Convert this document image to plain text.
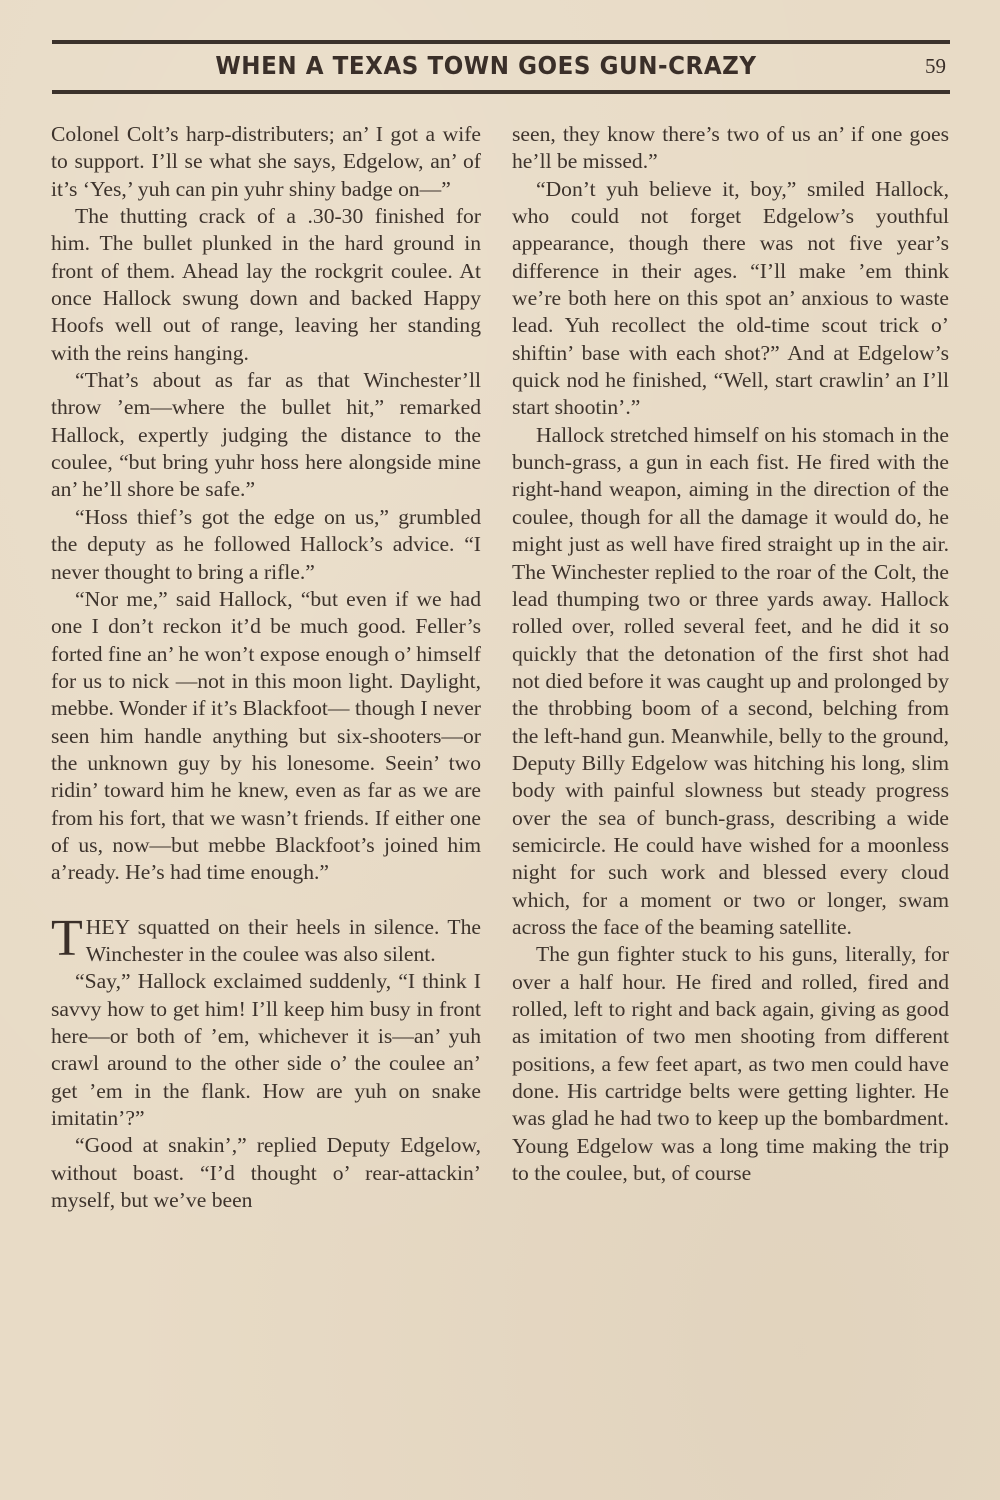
WHEN A TEXAS TOWN GOES GUN-CRAZY	59

Colonel Colt’s harp-distributers; an’ I got a wife to support. I’ll se what she says, Edgelow, an’ of it’s ‘Yes,’ yuh can pin yuhr shiny badge on—”

The thutting crack of a .30-30 finished for him. The bullet plunked in the hard ground in front of them. Ahead lay the rockgrit coulee. At once Hallock swung down and backed Happy Hoofs well out of range, leaving her standing with the reins hanging.

“That’s about as far as that Winchester’ll throw ’em—where the bullet hit,” remarked Hallock, expertly judging the distance to the coulee, “but bring yuhr hoss here alongside mine an’ he’ll shore be safe.”

“Hoss thief’s got the edge on us,” grumbled the deputy as he followed Hallock’s advice. “I never thought to bring a rifle.”

“Nor me,” said Hallock, “but even if we had one I don’t reckon it’d be much good. Feller’s forted fine an’ he won’t expose enough o’ himself for us to nick —not in this moon light. Daylight, mebbe. Wonder if it’s Blackfoot— though I never seen him handle anything but six-shooters—or the unknown guy by his lonesome. Seein’ two ridin’ toward him he knew, even as far as we are from his fort, that we wasn’t friends. If either one of us, now—but mebbe Blackfoot’s joined him a’ready. He’s had time enough.”

THEY squatted on their heels in silence. The Winchester in the coulee was also silent.

“Say,” Hallock exclaimed suddenly, “I think I savvy how to get him! I’ll keep him busy in front here—or both of ’em, whichever it is—an’ yuh crawl around to the other side o’ the coulee an’ get ’em in the flank. How are yuh on snake imitatin’?”

“Good at snakin’,” replied Deputy Edgelow, without boast. “I’d thought o’ rear-attackin’ myself, but we’ve been

seen, they know there’s two of us an’ if one goes he’ll be missed.”

“Don’t yuh believe it, boy,” smiled Hallock, who could not forget Edgelow’s youthful appearance, though there was not five year’s difference in their ages. “I’ll make ’em think we’re both here on this spot an’ anxious to waste lead. Yuh recollect the old-time scout trick o’ shiftin’ base with each shot?” And at Edgelow’s quick nod he finished, “Well, start crawlin’ an I’ll start shootin’.”

Hallock stretched himself on his stomach in the bunch-grass, a gun in each fist. He fired with the right-hand weapon, aiming in the direction of the coulee, though for all the damage it would do, he might just as well have fired straight up in the air. The Winchester replied to the roar of the Colt, the lead thumping two or three yards away. Hallock rolled over, rolled several feet, and he did it so quickly that the detonation of the first shot had not died before it was caught up and prolonged by the throbbing boom of a second, belching from the left-hand gun. Meanwhile, belly to the ground, Deputy Billy Edgelow was hitching his long, slim body with painful slowness but steady progress over the sea of bunch-grass, describing a wide semicircle. He could have wished for a moonless night for such work and blessed every cloud which, for a moment or two or longer, swam across the face of the beaming satellite.

The gun fighter stuck to his guns, literally, for over a half hour. He fired and rolled, fired and rolled, left to right and back again, giving as good as imitation of two men shooting from different positions, a few feet apart, as two men could have done. His cartridge belts were getting lighter. He was glad he had two to keep up the bombardment. Young Edgelow was a long time making the trip to the coulee, but, of course
